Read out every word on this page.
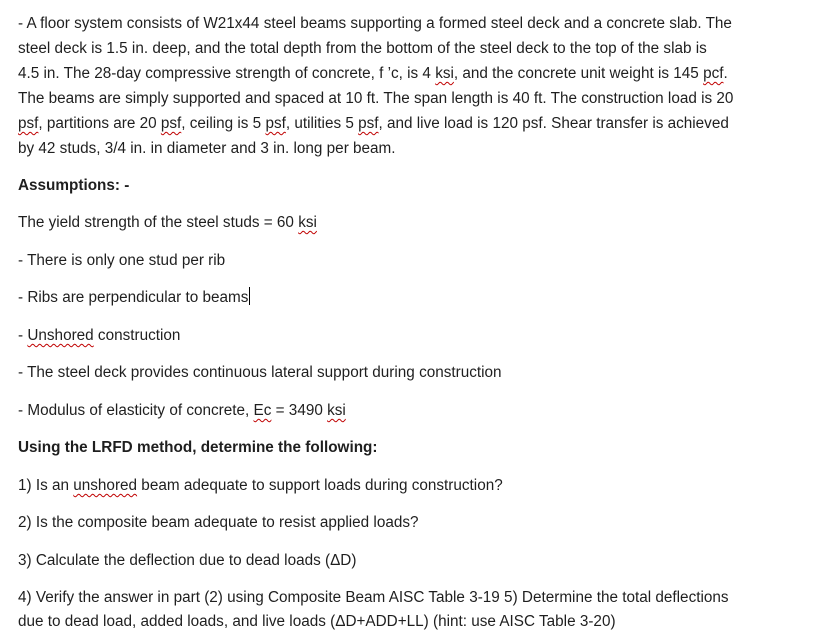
- A floor system consists of W21x44 steel beams supporting a formed steel deck and a concrete slab. The
steel deck is 1.5 in. deep, and the total depth from the bottom of the steel deck to the top of the slab is
4.5 in. The 28-day compressive strength of concrete, f ’c, is 4 ksi, and the concrete unit weight is 145 pcf.
The beams are simply supported and spaced at 10 ft. The span length is 40 ft. The construction load is 20
psf, partitions are 20 psf, ceiling is 5 psf, utilities 5 psf, and live load is 120 psf. Shear transfer is achieved
by 42 studs, 3/4 in. in diameter and 3 in. long per beam.
Assumptions: -
The yield strength of the steel studs = 60 ksi
- There is only one stud per rib
- Ribs are perpendicular to beams
- Unshored construction
- The steel deck provides continuous lateral support during construction
- Modulus of elasticity of concrete, Ec = 3490 ksi
Using the LRFD method, determine the following:
1) Is an unshored beam adequate to support loads during construction?
2) Is the composite beam adequate to resist applied loads?
3) Calculate the deflection due to dead loads (ΔD)
4) Verify the answer in part (2) using Composite Beam AISC Table 3-19 5) Determine the total deflections
due to dead load, added loads, and live loads (ΔD+ADD+LL) (hint: use AISC Table 3-20)
